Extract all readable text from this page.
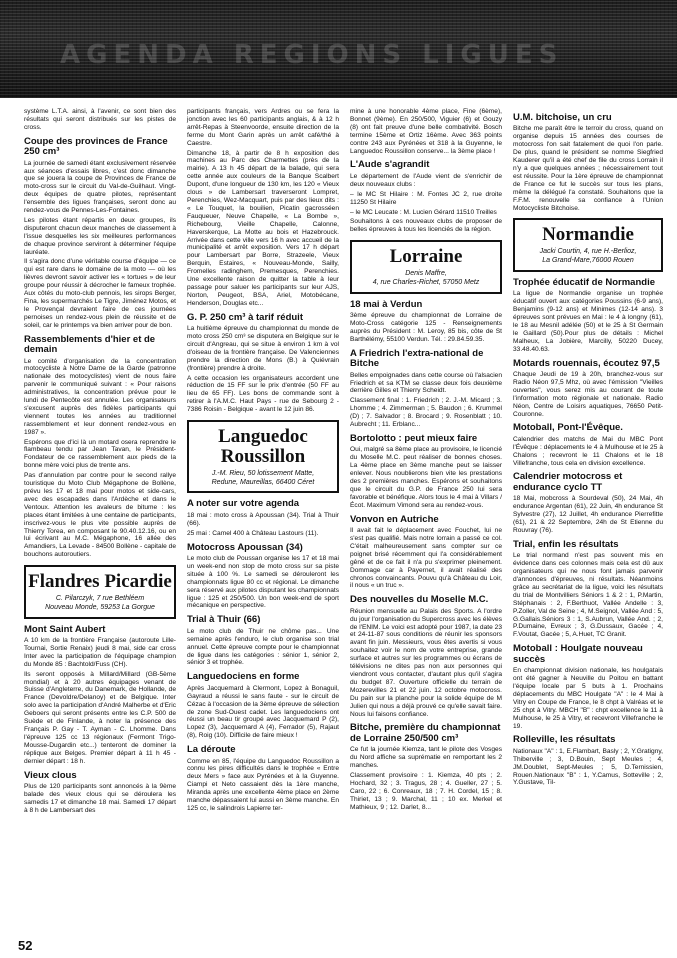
AGENDA REGIONS LIGUES

système L.T.A. ainsi, à l'avenir, ce sont bien des résultats qui seront distribués sur les pistes de cross.

Coupe des provinces de France 250 cm³

La journée de samedi étant exclusivement réservée aux séances d'essais libres, c'est donc dimanche que se jouera la coupe de Provinces de France de moto-cross sur le circuit du Val-de-Guilhaut. Vingt-deux équipes de quatre pilotes, représentant l'ensemble des ligues françaises, seront donc au rendez-vous de Pennes-Les-Fontaines.

Les pilotes étant répartis en deux groupes, ils disputeront chacun deux manches de classement à l'issue desquelles les six meilleures performances de chaque province serviront à déterminer l'équipe lauréate.

Il s'agira donc d'une véritable course d'équipe — ce qui est rare dans le domaine de la moto — où les lièvres devront savoir activer les « tortues » de leur groupe pour réussir à décrocher le fameux trophée. Aux côtés du moto-club pennois, les sirops Berger, Fina, les supermarchés Le Tigre, Jiménez Motos, et le Provençal devraient faire de ces journées pernoises un rendez-vous plein de réussite et de soleil, car le printemps va bien arriver pour de bon.

Rassemblements d'hier et de demain

Le comité d'organisation de la concentration motocycliste à Notre Dame de la Garde (patronne nationale des motocyclistes) vient de nous faire parvenir le communiqué suivant : « Pour raisons administratives, la concentration prévue pour le lundi de Pentecôte est annulée. Les organisateurs s'excusent auprès des fidèles participants qui viennent toutes les années au traditionnel rassemblement et leur donnent rendez-vous en 1987 ».

Espérons que d'ici là un motard osera reprendre le flambeau tendu par Jean Tavan, le Président-Fondateur de ce rassemblement aux pieds de la bonne mère voici plus de trente ans.

Pas d'annulation par contre pour le second rallye touristique du Moto Club Mégaphone de Bollène, prévu les 17 et 18 mai pour motos et side-cars, avec des escapades dans l'Ardèche et dans le Ventoux. Attention les avaleurs de bitume : les places étant limitées à une centaine de participants, inscrivez-vous le plus vite possible auprès de Thierry Torea, en composant le 90.40.12.16, ou en lui écrivant au M.C. Mégaphone, 16 allée des Amandiers, La Levade - 84500 Bollène - capitale de bouchons autoroutiers.

Flandres Picardie
C. Pilarczyk, 7 rue Bethléem
Nouveau Monde, 59253 La Gorgue
Mont Saint Aubert

A 10 km de la frontière Française (autoroute Lille-Tournai, Sortie Renaix) jeudi 8 mai, side car cross Inter avec la participation de l'équipage champion du Monde 85 : Bachtold/Fuss (CH).

Ils seront opposés à Millard/Millard (GB-5ème mondial) et à 20 autres équipages venant de Suisse d'Angleterre, du Danemark, de Hollande, de France (Devoldre/Delanoy) et de Belgique. Inter solo avec la participation d'André Malherbe et d'Eric Geboers qui seront présents entre les C.P. 500 de Suède et de Finlande, à noter la présence des Français P. Gay - T. Ayman - C. Lhomme. Dans l'épreuve 125 cc 13 régionaux (Fermont Trigo-Mousse-Dugardin etc...) tenteront de dominer la réplique aux Belges. Premier départ à 11 h 45 - dernier départ : 18 h.

Vieux clous

Plus de 120 participants sont annoncés à la 9ème balade des vieux clous qui se déroulera les samedis 17 et dimanche 18 mai. Samedi 17 départ à 8 h de Lambersart des

participants français, vers Ardres ou se fera la jonction avec les 60 participants anglais, & à 12 h arrêt-Repas à Steenvoorde, ensuite direction de la ferme du Mont Garin après un arrêt café/thé à Caestre.

Dimanche 18, à partir de 8 h exposition des machines au Parc des Charmettes (près de la mairie). A 13 h 45 départ de la balade, qui sera cette année aux couleurs de la Banque Scalbert Dupont, d'une longueur de 130 km, les 120 « Vieux clous » de Lambersart traverseront Lompret, Perenchies, Wez-Macquart, puis par des lieux dits : « Le Touquet, la bouilien, Picatin gacrosséen Fauqueuer, Neuve Chapelle, « La Bombe », Richebourg, Vieille Chapelle, Calonne, Haverskerque, La Motte au bois et Hazebrouck. Arrivée dans cette ville vers 16 h avec accueil de la municipalité et arrêt exposition. Vers 17 h départ pour Lambersart par Borre, Strazeele, Vieux Berquin, Estaires, « Nouveau-Monde, Sailly, Fromelles radinghem, Premesques, Perenchies. Une excellente raison de quitter la table à leur passage pour saluer les participants sur leur AJS, Norton, Peugeot, BSA, Ariel, Motobécane, Henderson, Douglas etc...

G. P. 250 cm³ à tarif réduit

La huitième épreuve du championnat du monde de moto cross 250 cm³ se disputera en Belgique sur le circuit d'Angreau, qui se situe à environ 1 km à vol d'oiseau de la frontière française. De Valenciennes prendre la direction de Mons (B.) à Quiévrain (frontière) prendre à droite.

A cette occasion les organisateurs accordent une réduction de 15 FF sur le prix d'entrée (50 FF au lieu de 65 FF). Les bons de commande sont à retirer à l'A.M.C. Haut Pays - rue de Sebourg 2 - 7386 Roisin - Belgique - avant le 12 juin 86.

Languedoc Roussillon
J.-M. Rieu, 50 lotissement Matte,
Redune, Maureillas, 66400 Céret
A noter sur votre agenda

18 mai : moto cross à Apoussan (34). Trial à Thuir (66).

25 mai : Camel 400 à Château Lastours (11).

Motocross Apoussan (34)

Le moto club de Poussan organise les 17 et 18 mai un week-end non stop de moto cross sur sa piste située à 100 %. Le samedi se dérouleront les championnats ligue 80 cc et régional. Le dimanche sera réservé aux pilotes disputant les championnats ligue : 125 et 250/500. Un bon week-end de sport mécanique en perspective.

Trial à Thuir (66)

Le moto club de Thuir ne chôme pas... Une semaine après l'enduro, le club organise son trial annuel. Cette épreuve compte pour le championnat de ligue dans les catégories : sénior 1, sénior 2, sénior 3 et trophée.

Languedociens en forme

Après Jacquemard à Clermont, Lopez à Bonaguil, Gayraud a réussi le sans faute - sur le circuit de Cézac à l'occasion de la 3ème épreuve de sélection de zone Sud-Ouest cadet. Les languedociens ont réussi un beau tir groupé avec Jacquemard P (2), Lopez (3), Jacquemard A (4), Ferrador (5), Rajaut (8), Roig (10). Difficile de faire mieux !

La déroute

Comme en 85, l'équipe du Languedoc Roussillon a connu les pires difficultés dans le trophée « Entre deux Mers » face aux Pyrénées et à la Guyenne. Ciampi et Neto cassaient dès la 1ère manche, Miranda après une excellente 4ème place en 2ème manche dépassaient lui aussi en 3ème manche. En 125 cc, le salindrois Lapierre ter-

mine à une honorable 4ème place, Fine (6ème), Bonnet (9ème). En 250/500, Viguier (6) et Gouzy (8) ont fait preuve d'une belle combativité. Bosch termine 15ème et Ortiz 16ème. Avec 363 points contre 243 aux Pyrénées et 318 à la Guyenne, le Languedoc Roussillon conserve... la 3ème place !

L'Aude s'agrandit

Le département de l'Aude vient de s'enrichir de deux nouveaux clubs :

– le MC St Hilaire : M. Fontes JC 2, rue droite 11250 St Hilaire

– le MC Leucate : M. Lucien Gérard 11510 Treilles

Souhaitons à ces nouveaux clubs de proposer de belles épreuves à tous les licenciés de la région.

Lorraine
Denis Maffre,
4, rue Charles-Richet, 57050 Metz
18 mai à Verdun

3ème épreuve du championnat de Lorraine de Moto-Cross catégorie 125 - Renseignements auprès du Président : M. Leroy, 85 bis, côte de St Barthélémy, 55100 Verdun. Tél. : 29.84.59.35.

A Friedrich l'extra-national de Bitche

Belles empoignades dans cette course où l'alsacien Friedrich et sa KTM se classe deux fois deuxième derrière Gilles et Thierry Scheidt.

Classement final : 1. Friedrich ; 2. J.-M. Micard ; 3. Lhomme ; 4. Zimmerman ; 5. Baudon ; 6. Krummel (D) ; 7. Salvador ; 8. Brocard ; 9. Rosenblatt ; 10. Aubrecht ; 11. Erblanc...

Bortolotto : peut mieux faire

Oui, malgré sa 8ème place au provisoire, le licencié du Moselle M.C. peut réaliser de bonnes choses. La 4ème place en 3ème manche peut se laisser enlever. Nous noublierons bien vite les prestations des 2 premières manches. Espérons et souhaitons que le circuit du G.P. de France 250 lui sera favorable et bénéfique. Alors tous le 4 mai à Villars /Écot. Maximum Vimond sera au rendez-vous.

Vonvon en Autriche

Il avait fait le déplacement avec Fouchet, lui ne s'est pas qualifié. Mais notre lorrain a passé ce col. C'était malheureusement sans compter sur ce poignet brisé récemment qui l'a considérablement gêné et de ce fait il n'a pu s'exprimer pleinement. Dommage car à Payernet, il avait réalisé des chronos convaincants. Pouvu qu'à Château du Loir, il nous « un truc ».

Des nouvelles du Moselle M.C.

Réunion mensuelle au Palais des Sports. A l'ordre du jour l'organisation du Supercross avec les élèves de l'ENIM. Le voici est adopté pour 1987, la date 23 et 24-11-87 sous conditions de réunir les sponsors avant fin juin. Messieurs, vous êtes avertis si vous souhaitez voir le nom de votre entreprise, grande surface et autres sur les programmes ou écrans de télévisions ne dites pas non aux personnes qui viendront vous contacter, d'autant plus qu'il s'agira du budget 87. Ouverture officielle du terrain de Mozerevilles 21 et 22 juin. 12 octobre motocross. Du pain sur la planche pour la solide équipe de M Julien qui nous a déjà prouvé ce qu'elle savait faire. Nous lui faisons confiance.

Bitche, première du championnat de Lorraine 250/500 cm³

Ce fut la journée Kiemza, tant le pilote des Vosges du Nord affiche sa suprématie en remportant les 2 manches.

Classement provisoire : 1. Kiemza, 40 pts ; 2. Hochard, 32 ; 3. Tragus, 28 ; 4. Gueller, 27 ; 5. Caro, 22 ; 6. Conreaux, 18 ; 7. H. Cordel, 15 ; 8. Thiriet, 13 ; 9. Marchal, 11 ; 10 ex. Merkel et Mathieux, 9 ; 12. Darlet, 8...

U.M. bitchoise, un cru

Bitche me paraît être le terroir du cross, quand on organise depuis 15 années des courses de motocross l'on sait fatalement de quoi l'on parle. De plus, quand le président se nomme Siegfried Kauderer qu'il a été chef de file du cross Lorrain il n'y a que quelques années ; nécessairement tout est réussite. Pour la 1ère épreuve de championnat de France ce fut le succès sur tous les plans, même la délégué l'a constaté. Souhaitons que la F.F.M. renouvelle sa confiance à l'Union Motocycliste Bitchoise.

Normandie
Jacki Courtin, 4, rue H.-Berlioz,
La Grand-Mare,76000 Rouen
Trophée éducatif de Normandie

La ligue de Normandie organise un trophée éducatif ouvert aux catégories Poussins (6-9 ans), Benjamins (9-12 ans) et Minimes (12-14 ans). 3 épreuves sont prévues en Mai : le 4 à longny (61), le 18 au Mesnil adélée (50) et le 25 à St Germain le Gaillard (50).Pour plus de détails : Michel Malheux, La Jobière, Marcilly, 50220 Ducey, 33.48.40.63.

Motards rouennais, écoutez 97,5

Chaque Jeudi de 19 à 20h, branchez-vous sur Radio Néon 97,5 Mhz, où avec l'émission "Vieilles ouvertes", vous serez mis au courant de toute l'information moto régionale et nationale. Radio Néon, Centre de Loisirs aquatiques, 76650 Petit-Couronne.

Motoball, Pont-l'Évêque.

Calendrier des matchs de Mai du MBC Pont l'Évêque : déplacements le 4 à Mulhouse et le 25 à Chalons ; recevront le 11 Chalons et le 18 Villefranche, tous cela en division excellence.

Calendrier motocross et endurance cyclo TT

18 Mai, mobcross à Sourdeval (50), 24 Mai, 4h endurance Argentan (61), 22 Juin, 4h endurance St Sylvestre (27), 12 Juillet, 4h endurance Pierrefitte (61), 21 & 22 Septembre, 24h de St Etienne du Rouvray (76).

Trial, enfin les résultats

Le trial normand n'est pas souvent mis en évidence dans ces colonnes mais cela est dû aux organisateurs qui ne nous font jamais parvenir d'annonces d'épreuves, ni résultats. Néanmoins grâce au secrétariat de la ligue, voici les résultats du trial de Montvilliers Séniors 1 & 2 : 1, P.Martin, Stéphanais : 2, F.Berthuot, Vallée Andelle : 3, P.Zoller, Val de Seine ; 4, M.Seignol, Vallée And : 5, G.Gallais.Séniors 3 : 1, S.Aubrun, Vallée And. ; 2, P.Dumaine, Evreux ; 3, G.Dussaux, Gacée ; 4, F.Voutat, Gacée ; 5, A.Huet, TC Granit.

Motoball : Houlgate nouveau succès

En championnat division nationale, les houlgatais ont été gagner à Neuville du Poitou en battant l'équipe locale par 5 buts à 1. Prochains déplacements du MBC Houlgate "A" : le 4 Mai à Vitry en Coupe de France, le 8 chpt à Valréas et le 25 chpt à Vitry. MBCH "B" : chpt excellence le 11 à Mulhouse, le 25 à Vitry, et recevront Villefranche le 19.

Rolleville, les résultats

Nationaux "A" : 1, E.Flambart, Basly ; 2, Y.Gratigny, Thiberville ; 3, D.Bouin, Sept Meules ; 4, JM.Doublet, Sept-Meules ; 5, D.Ternissien, Rouen.Nationaux "B" : 1, Y.Camus, Sotteville ; 2, Y.Gustave, Til-

52
